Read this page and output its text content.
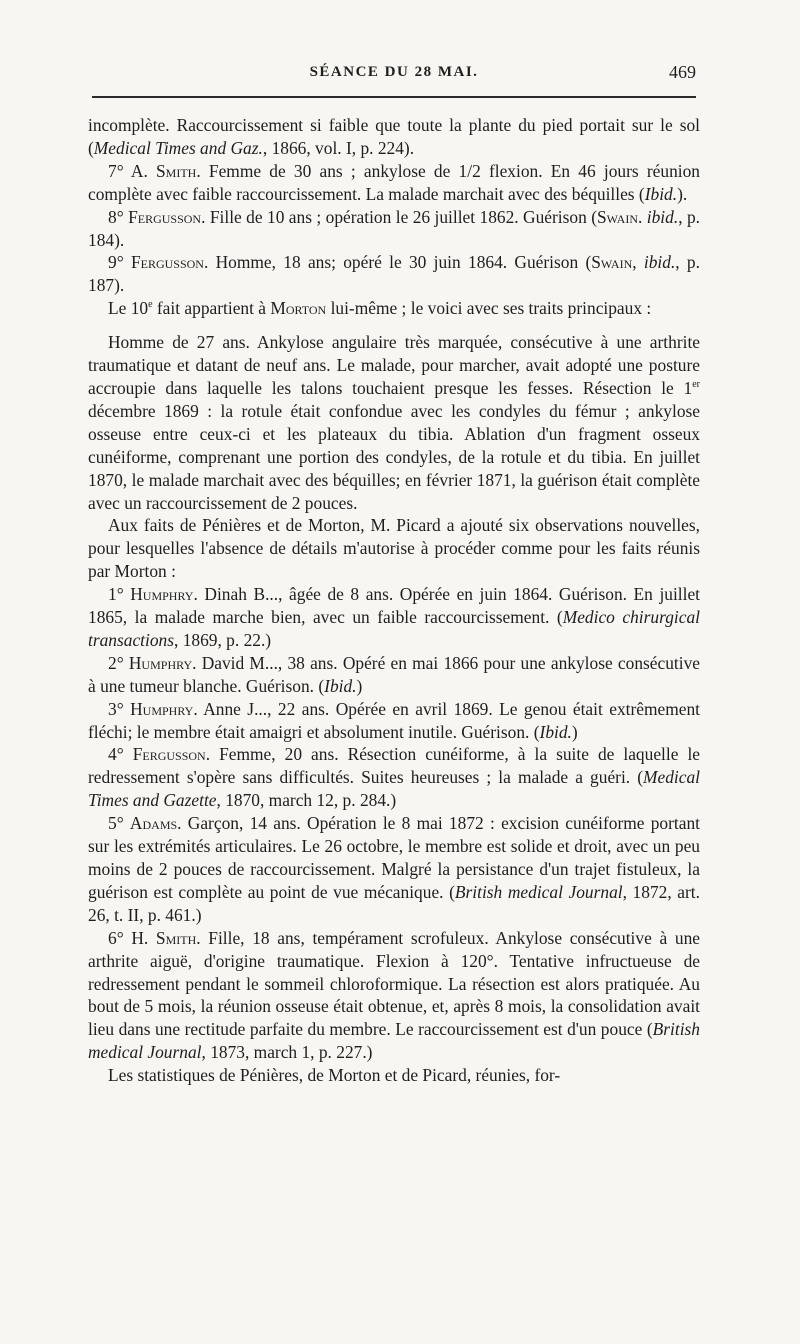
SÉANCE DU 28 MAI.	469

incomplète. Raccourcissement si faible que toute la plante du pied portait sur le sol (Medical Times and Gaz., 1866, vol. I, p. 224).

7° A. Smith. Femme de 30 ans ; ankylose de 1/2 flexion. En 46 jours réunion complète avec faible raccourcissement. La malade marchait avec des béquilles (Ibid.).

8° Fergusson. Fille de 10 ans ; opération le 26 juillet 1862. Guérison (Swain. ibid., p. 184).

9° Fergusson. Homme, 18 ans; opéré le 30 juin 1864. Guérison (Swain, ibid., p. 187).

Le 10e fait appartient à Morton lui-même ; le voici avec ses traits principaux :

Homme de 27 ans. Ankylose angulaire très marquée, consécutive à une arthrite traumatique et datant de neuf ans. Le malade, pour marcher, avait adopté une posture accroupie dans laquelle les talons touchaient presque les fesses. Résection le 1er décembre 1869 : la rotule était confondue avec les condyles du fémur ; ankylose osseuse entre ceux-ci et les plateaux du tibia. Ablation d'un fragment osseux cunéiforme, comprenant une portion des condyles, de la rotule et du tibia. En juillet 1870, le malade marchait avec des béquilles; en février 1871, la guérison était complète avec un raccourcissement de 2 pouces.

Aux faits de Pénières et de Morton, M. Picard a ajouté six observations nouvelles, pour lesquelles l'absence de détails m'autorise à procéder comme pour les faits réunis par Morton :

1° Humphry. Dinah B..., âgée de 8 ans. Opérée en juin 1864. Guérison. En juillet 1865, la malade marche bien, avec un faible raccourcissement. (Medico chirurgical transactions, 1869, p. 22.)

2° Humphry. David M..., 38 ans. Opéré en mai 1866 pour une ankylose consécutive à une tumeur blanche. Guérison. (Ibid.)

3° Humphry. Anne J..., 22 ans. Opérée en avril 1869. Le genou était extrêmement fléchi; le membre était amaigri et absolument inutile. Guérison. (Ibid.)

4° Fergusson. Femme, 20 ans. Résection cunéiforme, à la suite de laquelle le redressement s'opère sans difficultés. Suites heureuses ; la malade a guéri. (Medical Times and Gazette, 1870, march 12, p. 284.)

5° Adams. Garçon, 14 ans. Opération le 8 mai 1872 : excision cunéiforme portant sur les extrémités articulaires. Le 26 octobre, le membre est solide et droit, avec un peu moins de 2 pouces de raccourcissement. Malgré la persistance d'un trajet fistuleux, la guérison est complète au point de vue mécanique. (British medical Journal, 1872, art. 26, t. II, p. 461.)

6° H. Smith. Fille, 18 ans, tempérament scrofuleux. Ankylose consécutive à une arthrite aiguë, d'origine traumatique. Flexion à 120°. Tentative infructueuse de redressement pendant le sommeil chloroformique. La résection est alors pratiquée. Au bout de 5 mois, la réunion osseuse était obtenue, et, après 8 mois, la consolidation avait lieu dans une rectitude parfaite du membre. Le raccourcissement est d'un pouce (British medical Journal, 1873, march 1, p. 227.)

Les statistiques de Pénières, de Morton et de Picard, réunies, for-
